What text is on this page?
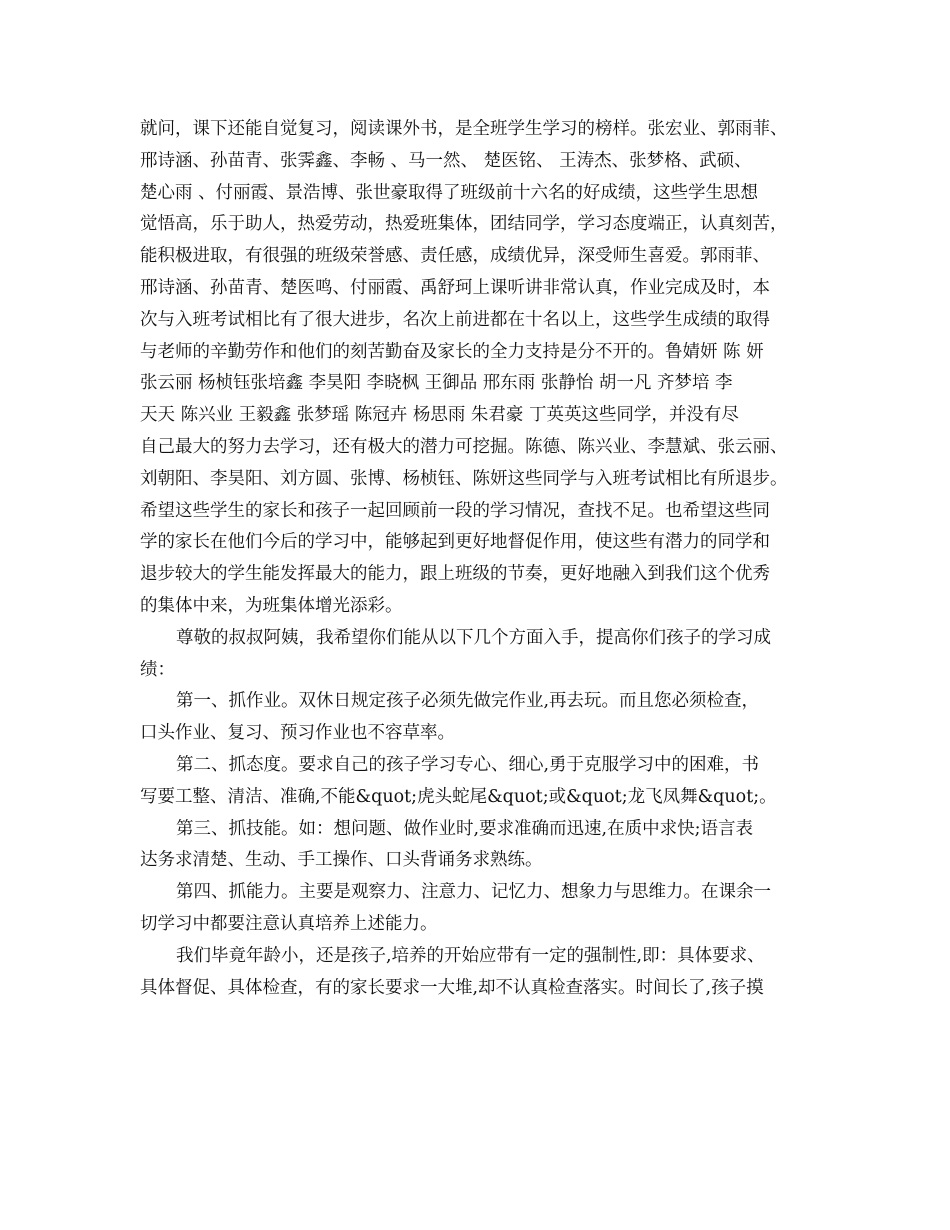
就问，课下还能自觉复习，阅读课外书，是全班学生学习的榜样。张宏业、郭雨菲、
邢诗涵、孙苗青、张霁鑫、李畅 、马一然、 楚医铭、 王涛杰、张梦格、武硕、
楚心雨 、付丽霞、景浩博、张世豪取得了班级前十六名的好成绩，这些学生思想
觉悟高，乐于助人，热爱劳动，热爱班集体，团结同学，学习态度端正，认真刻苦，
能积极进取，有很强的班级荣誉感、责任感，成绩优异，深受师生喜爱。郭雨菲、
邢诗涵、孙苗青、楚医鸣、付丽霞、禹舒珂上课听讲非常认真，作业完成及时，本
次与入班考试相比有了很大进步，名次上前进都在十名以上，这些学生成绩的取得
与老师的辛勤劳作和他们的刻苦勤奋及家长的全力支持是分不开的。鲁婧妍 陈 妍
张云丽 杨桢钰张培鑫 李昊阳 李晓枫 王御品 邢东雨 张静怡 胡一凡 齐梦培 李
天天 陈兴业 王毅鑫 张梦瑶 陈冠卉 杨思雨 朱君豪 丁英英这些同学，并没有尽
自己最大的努力去学习，还有极大的潜力可挖掘。陈德、陈兴业、李慧斌、张云丽、
刘朝阳、李昊阳、刘方圆、张博、杨桢钰、陈妍这些同学与入班考试相比有所退步。
希望这些学生的家长和孩子一起回顾前一段的学习情况，查找不足。也希望这些同
学的家长在他们今后的学习中，能够起到更好地督促作用，使这些有潜力的同学和
退步较大的学生能发挥最大的能力，跟上班级的节奏，更好地融入到我们这个优秀
的集体中来，为班集体增光添彩。
尊敬的叔叔阿姨，我希望你们能从以下几个方面入手，提高你们孩子的学习成
绩：
第一、抓作业。双休日规定孩子必须先做完作业,再去玩。而且您必须检查，
口头作业、复习、预习作业也不容草率。
第二、抓态度。要求自己的孩子学习专心、细心,勇于克服学习中的困难，书
写要工整、清洁、准确,不能&quot;虎头蛇尾&quot;或&quot;龙飞凤舞&quot;。
第三、抓技能。如：想问题、做作业时,要求准确而迅速,在质中求快;语言表
达务求清楚、生动、手工操作、口头背诵务求熟练。
第四、抓能力。主要是观察力、注意力、记忆力、想象力与思维力。在课余一
切学习中都要注意认真培养上述能力。
我们毕竟年龄小，还是孩子,培养的开始应带有一定的强制性,即：具体要求、
具体督促、具体检查，有的家长要求一大堆,却不认真检查落实。时间长了,孩子摸
